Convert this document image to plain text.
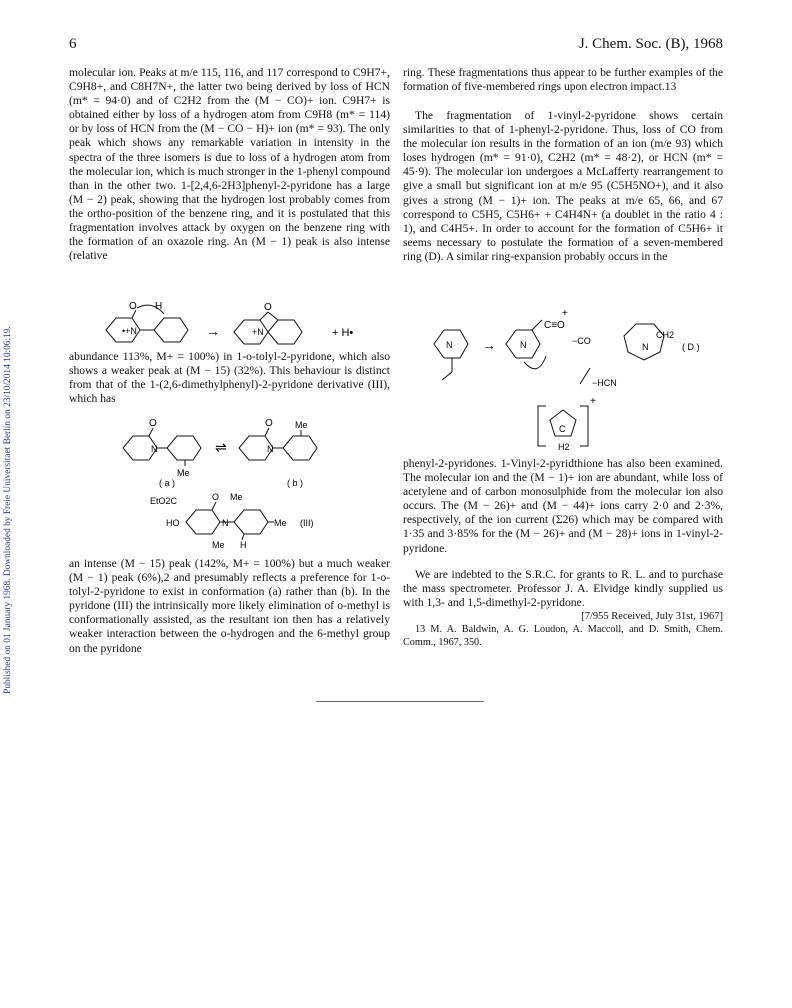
Published on 01 January 1968. Downloaded by Freie Universitaet Berlin on 23/10/2014 10:06:19.
6	J. Chem. Soc. (B), 1968

molecular ion. Peaks at m/e 115, 116, and 117 correspond to C9H7+, C9H8+, and C8H7N+, the latter two being derived by loss of HCN (m* = 94·0) and of C2H2 from the (M − CO)+ ion. C9H7+ is obtained either by loss of a hydrogen atom from C9H8 (m* = 114) or by loss of HCN from the (M − CO − H)+ ion (m* = 93). The only peak which shows any remarkable variation in intensity in the spectra of the three isomers is due to loss of a hydrogen atom from the molecular ion, which is much stronger in the 1-phenyl compound than in the other two. 1-[2,4,6-2H3]phenyl-2-pyridone has a large (M − 2) peak, showing that the hydrogen lost probably comes from the ortho-position of the benzene ring, and it is postulated that this fragmentation involves attack by oxygen on the benzene ring with the formation of an oxazole ring. An (M − 1) peak is also intense (relative

O H
•+N	→
O
+N	+ H•

abundance 113%, M+ = 100%) in 1-o-tolyl-2-pyridone, which also shows a weaker peak at (M − 15) (32%). This behaviour is distinct from that of the 1-(2,6-dimethylphenyl)-2-pyridone derivative (III), which has

O
N
Me
⇌
O Me
N
( a )	( b )
EtO2C	O Me
HO	N	Me
Me H
(III)

an intense (M − 15) peak (142%, M+ = 100%) but a much weaker (M − 1) peak (6%),2 and presumably reflects a preference for 1-o-tolyl-2-pyridone to exist in conformation (a) rather than (b). In the pyridone (III) the intrinsically more likely elimination of o-methyl is conformationally assisted, as the resultant ion then has a relatively weaker interaction between the o-hydrogen and the 6-methyl group on the pyridone

ring. These fragmentations thus appear to be further examples of the formation of five-membered rings upon electron impact.13

The fragmentation of 1-vinyl-2-pyridone shows certain similarities to that of 1-phenyl-2-pyridone. Thus, loss of CO from the molecular ion results in the formation of an ion (m/e 93) which loses hydrogen (m* = 91·0), C2H2 (m* = 48·2), or HCN (m* = 45·9). The molecular ion undergoes a McLafferty rearrangement to give a small but significant ion at m/e 95 (C5H5NO+), and it also gives a strong (M − 1)+ ion. The peaks at m/e 65, 66, and 67 correspond to C5H5, C5H6+ + C4H4N+ (a doublet in the ratio 4 : 1), and C4H5+. In order to account for the formation of C5H6+ it seems necessary to postulate the formation of a seven-membered ring (D). A similar ring-expansion probably occurs in the

N →
+
C≡O
N	−CO
CH2
( D )
N
−HCN
C
H2
+

phenyl-2-pyridones. 1-Vinyl-2-pyridthione has also been examined. The molecular ion and the (M − 1)+ ion are abundant, while loss of acetylene and of carbon monosulphide from the molecular ion also occurs. The (M − 26)+ and (M − 44)+ ions carry 2·0 and 2·3%, respectively, of the ion current (Σ26) which may be compared with 1·35 and 3·85% for the (M − 26)+ and (M − 28)+ ions in 1-vinyl-2-pyridone.

We are indebted to the S.R.C. for grants to R. L. and to purchase the mass spectrometer. Professor J. A. Elvidge kindly supplied us with 1,3- and 1,5-dimethyl-2-pyridone.

[7/955 Received, July 31st, 1967]

13 M. A. Baldwin, A. G. Loudon, A. Maccoll, and D. Smith, Chem. Comm., 1967, 350.
